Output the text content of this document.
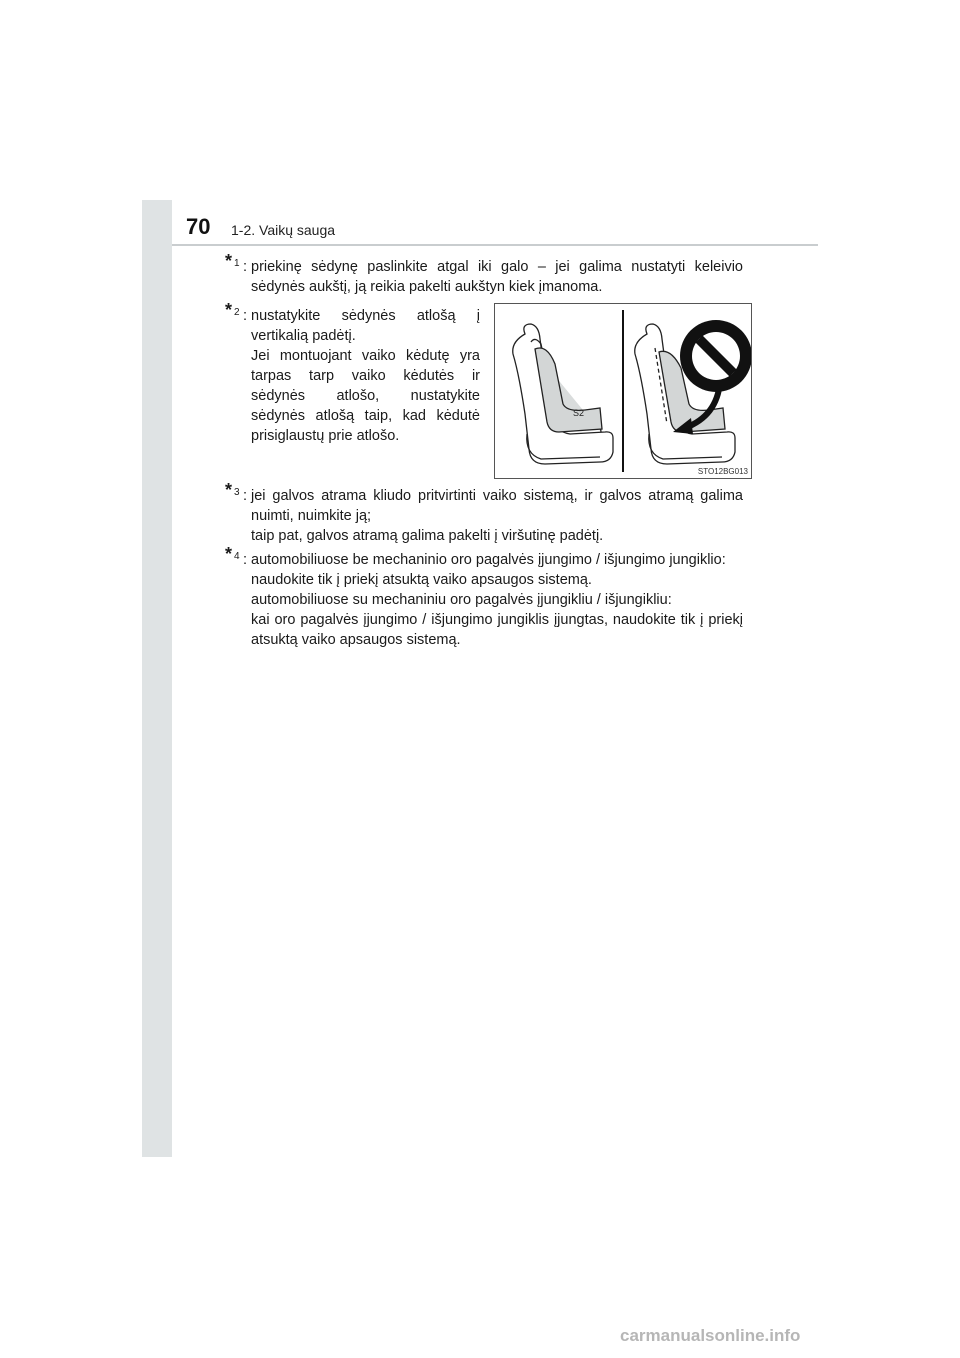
70 1-2. Vaikų sauga
* 1 : priekinę sėdynę paslinkite atgal iki galo – jei galima nustatyti keleivio sėdynės aukštį, ją reikia pakelti aukštyn kiek įmanoma.

* 2 : nustatykite sėdynės atlošą į vertikalią padėtį.

Jei montuojant vaiko kėdutę yra tarpas tarp vaiko kėdutės ir sėdynės atlošo, nustatykite sėdynės atlošą taip, kad kėdutė prisiglaustų prie atlošo.

S2
STO12BG013
* 3 : jei galvos atrama kliudo pritvirtinti vaiko sistemą, ir galvos atramą galima nuimti, nuimkite ją;

taip pat, galvos atramą galima pakelti į viršutinę padėtį.

* 4 : automobiliuose be mechaninio oro pagalvės įjungimo / išjungimo jungiklio:

naudokite tik į priekį atsuktą vaiko apsaugos sistemą.

automobiliuose su mechaniniu oro pagalvės įjungikliu / išjungikliu:

kai oro pagalvės įjungimo / išjungimo jungiklis įjungtas, naudokite tik į priekį atsuktą vaiko apsaugos sistemą.

carmanualsonline.info
